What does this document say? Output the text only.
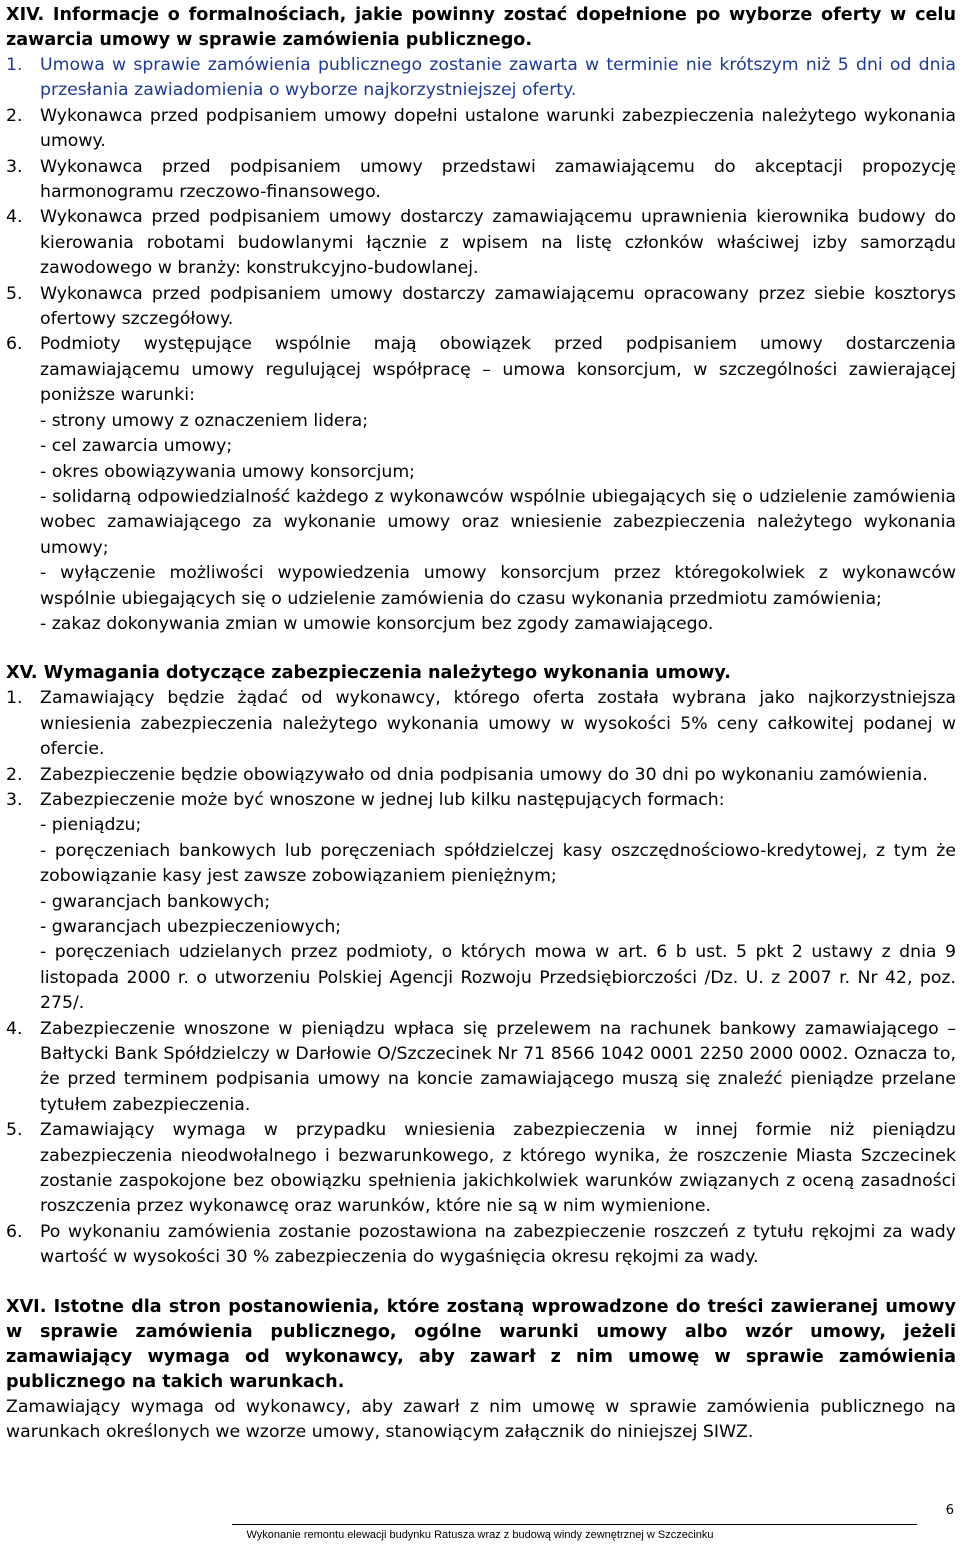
XIV. Informacje o formalnościach, jakie powinny zostać dopełnione po wyborze oferty w celu zawarcia umowy w sprawie zamówienia publicznego.

1.	Umowa w sprawie zamówienia publicznego zostanie zawarta w terminie nie krótszym niż 5 dni od dnia przesłania zawiadomienia o wyborze najkorzystniejszej oferty.
2.	Wykonawca przed podpisaniem umowy dopełni ustalone warunki zabezpieczenia należytego wykonania umowy.
3.	Wykonawca przed podpisaniem umowy przedstawi zamawiającemu do akceptacji propozycję harmonogramu rzeczowo-finansowego.
4.	Wykonawca przed podpisaniem umowy dostarczy zamawiającemu uprawnienia kierownika budowy do kierowania robotami budowlanymi łącznie z wpisem na listę członków właściwej izby samorządu zawodowego w branży: konstrukcyjno-budowlanej.
5.	Wykonawca przed podpisaniem umowy dostarczy zamawiającemu opracowany przez siebie kosztorys ofertowy szczegółowy.
6.	Podmioty występujące wspólnie mają obowiązek przed podpisaniem umowy dostarczenia zamawiającemu umowy regulującej współpracę – umowa konsorcjum, w szczególności zawierającej poniższe warunki:
- strony umowy z oznaczeniem lidera;
- cel zawarcia umowy;
- okres obowiązywania umowy konsorcjum;
- solidarną odpowiedzialność każdego z wykonawców wspólnie ubiegających się o udzielenie zamówienia wobec zamawiającego za wykonanie umowy oraz wniesienie zabezpieczenia należytego wykonania umowy;
- wyłączenie możliwości wypowiedzenia umowy konsorcjum przez któregokolwiek z wykonawców wspólnie ubiegających się o udzielenie zamówienia do czasu wykonania przedmiotu zamówienia;
- zakaz dokonywania zmian w umowie konsorcjum bez zgody zamawiającego.

XV. Wymagania dotyczące zabezpieczenia należytego wykonania umowy.

1.	Zamawiający będzie żądać od wykonawcy, którego oferta została wybrana jako najkorzystniejsza wniesienia zabezpieczenia należytego wykonania umowy w wysokości 5% ceny całkowitej podanej w ofercie.
2.	Zabezpieczenie będzie obowiązywało od dnia podpisania umowy do 30 dni po wykonaniu zamówienia.
3.	Zabezpieczenie może być wnoszone w jednej lub kilku następujących formach:
- pieniądzu;
- poręczeniach bankowych lub poręczeniach spółdzielczej kasy oszczędnościowo-kredytowej, z tym że zobowiązanie kasy jest zawsze zobowiązaniem pieniężnym;
- gwarancjach bankowych;
- gwarancjach ubezpieczeniowych;
- poręczeniach udzielanych przez podmioty, o których mowa w art. 6 b ust. 5 pkt 2 ustawy z dnia 9 listopada 2000 r. o utworzeniu Polskiej Agencji Rozwoju Przedsiębiorczości /Dz. U. z 2007 r. Nr 42, poz. 275/.
4.	Zabezpieczenie wnoszone w pieniądzu wpłaca się przelewem na rachunek bankowy zamawiającego – Bałtycki Bank Spółdzielczy w Darłowie O/Szczecinek Nr 71 8566 1042 0001 2250 2000 0002. Oznacza to, że przed terminem podpisania umowy na koncie zamawiającego muszą się znaleźć pieniądze przelane tytułem zabezpieczenia.
5.	Zamawiający wymaga w przypadku wniesienia zabezpieczenia w innej formie niż pieniądzu zabezpieczenia nieodwołalnego i bezwarunkowego, z którego wynika, że roszczenie Miasta Szczecinek zostanie zaspokojone bez obowiązku spełnienia jakichkolwiek warunków związanych z oceną zasadności roszczenia przez wykonawcę oraz warunków, które nie są w nim wymienione.
6.	Po wykonaniu zamówienia zostanie pozostawiona na zabezpieczenie roszczeń z tytułu rękojmi za wady wartość w wysokości 30 % zabezpieczenia do wygaśnięcia okresu rękojmi za wady.

XVI. Istotne dla stron postanowienia, które zostaną wprowadzone do treści zawieranej umowy w sprawie zamówienia publicznego, ogólne warunki umowy albo wzór umowy, jeżeli zamawiający wymaga od wykonawcy, aby zawarł z nim umowę w sprawie zamówienia publicznego na takich warunkach.

Zamawiający wymaga od wykonawcy, aby zawarł z nim umowę w sprawie zamówienia publicznego na warunkach określonych we wzorze umowy, stanowiącym załącznik do niniejszej SIWZ.

6
Wykonanie remontu elewacji budynku Ratusza wraz z budową windy zewnętrznej w Szczecinku
